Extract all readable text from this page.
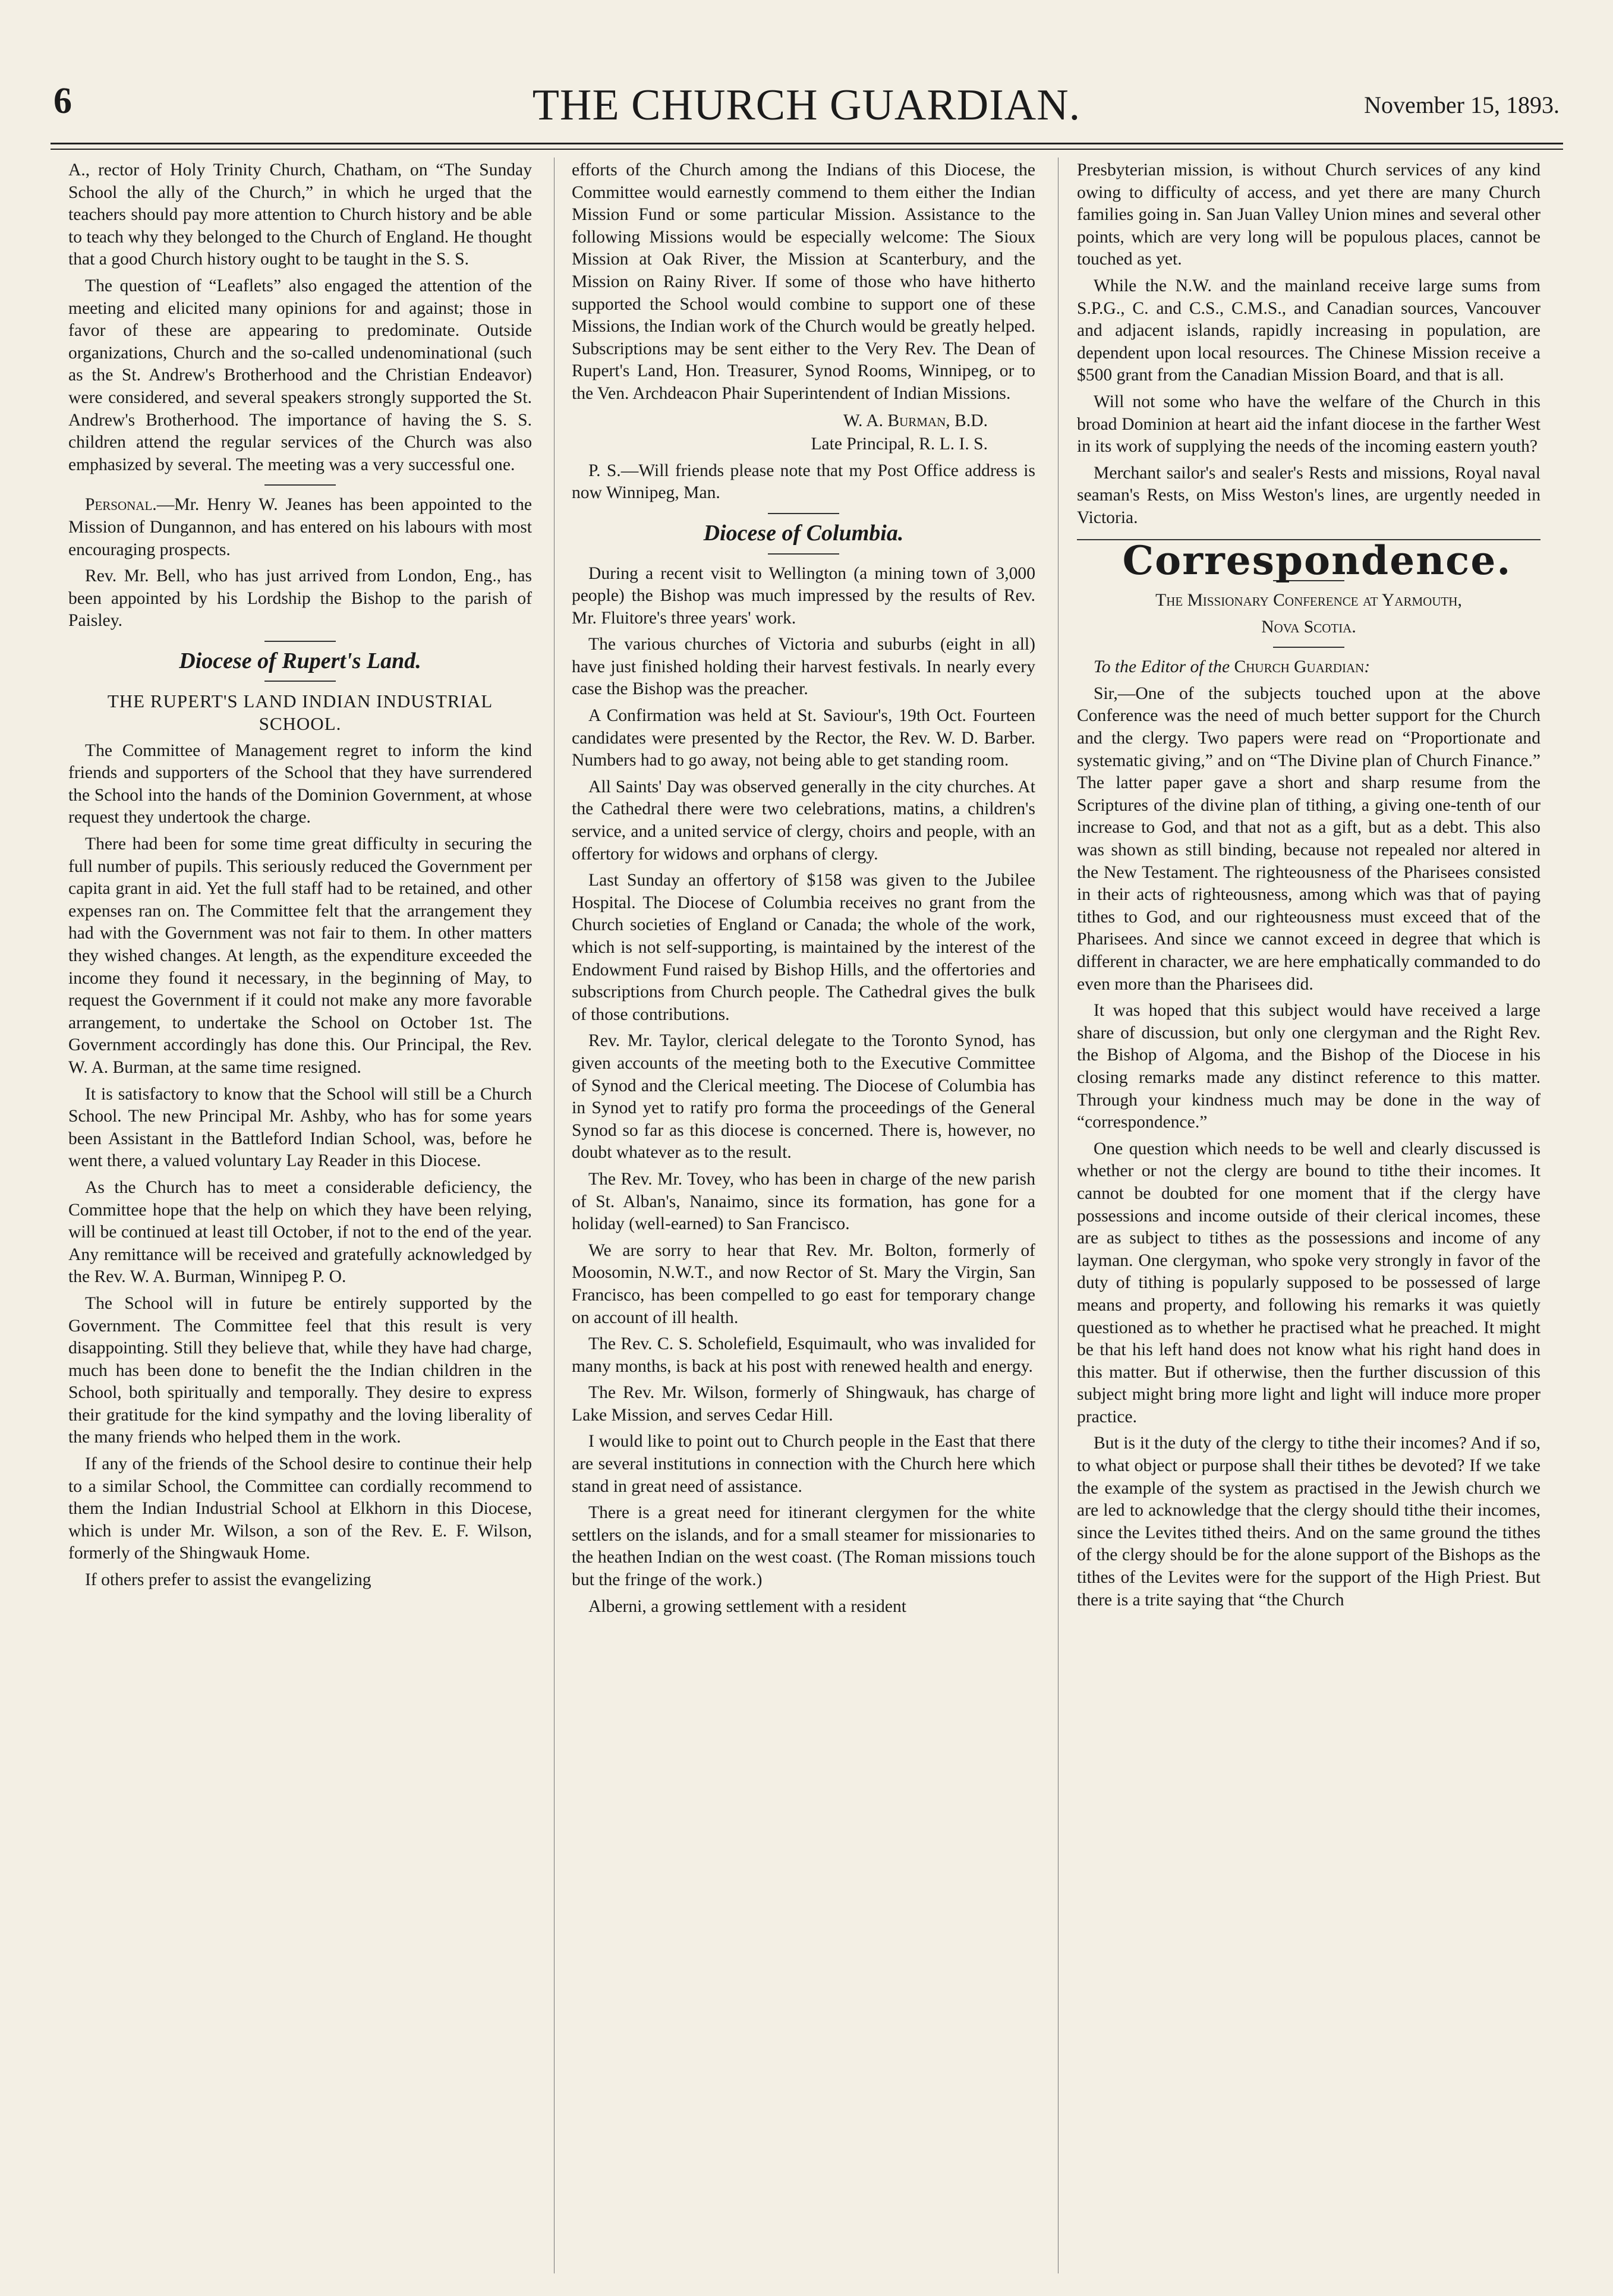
6	THE CHURCH GUARDIAN.	November 15, 1893.

A., rector of Holy Trinity Church, Chatham, on “The Sunday School the ally of the Church,” in which he urged that the teachers should pay more attention to Church history and be able to teach why they belonged to the Church of England. He thought that a good Church history ought to be taught in the S. S.

The question of “Leaflets” also engaged the attention of the meeting and elicited many opinions for and against; those in favor of these are appearing to predominate. Outside organizations, Church and the so-called undenominational (such as the St. Andrew's Brotherhood and the Christian Endeavor) were considered, and several speakers strongly supported the St. Andrew's Brotherhood. The importance of having the S. S. children attend the regular services of the Church was also emphasized by several. The meeting was a very successful one.

Personal.—Mr. Henry W. Jeanes has been appointed to the Mission of Dungannon, and has entered on his labours with most encouraging prospects.

Rev. Mr. Bell, who has just arrived from London, Eng., has been appointed by his Lordship the Bishop to the parish of Paisley.

Diocese of Rupert's Land.

THE RUPERT'S LAND INDIAN INDUSTRIAL SCHOOL.

The Committee of Management regret to inform the kind friends and supporters of the School that they have surrendered the School into the hands of the Dominion Government, at whose request they undertook the charge.

There had been for some time great difficulty in securing the full number of pupils. This seriously reduced the Government per capita grant in aid. Yet the full staff had to be retained, and other expenses ran on. The Committee felt that the arrangement they had with the Government was not fair to them. In other matters they wished changes. At length, as the expenditure exceeded the income they found it necessary, in the beginning of May, to request the Government if it could not make any more favorable arrangement, to undertake the School on October 1st. The Government accordingly has done this. Our Principal, the Rev. W. A. Burman, at the same time resigned.

It is satisfactory to know that the School will still be a Church School. The new Principal Mr. Ashby, who has for some years been Assistant in the Battleford Indian School, was, before he went there, a valued voluntary Lay Reader in this Diocese.

As the Church has to meet a considerable deficiency, the Committee hope that the help on which they have been relying, will be continued at least till October, if not to the end of the year. Any remittance will be received and gratefully acknowledged by the Rev. W. A. Burman, Winnipeg P. O.

The School will in future be entirely supported by the Government. The Committee feel that this result is very disappointing. Still they believe that, while they have had charge, much has been done to benefit the the Indian children in the School, both spiritually and temporally. They desire to express their gratitude for the kind sympathy and the loving liberality of the many friends who helped them in the work.

If any of the friends of the School desire to continue their help to a similar School, the Committee can cordially recommend to them the Indian Industrial School at Elkhorn in this Diocese, which is under Mr. Wilson, a son of the Rev. E. F. Wilson, formerly of the Shingwauk Home.

If others prefer to assist the evangelizing

efforts of the Church among the Indians of this Diocese, the Committee would earnestly commend to them either the Indian Mission Fund or some particular Mission. Assistance to the following Missions would be especially welcome: The Sioux Mission at Oak River, the Mission at Scanterbury, and the Mission on Rainy River. If some of those who have hitherto supported the School would combine to support one of these Missions, the Indian work of the Church would be greatly helped. Subscriptions may be sent either to the Very Rev. The Dean of Rupert's Land, Hon. Treasurer, Synod Rooms, Winnipeg, or to the Ven. Archdeacon Phair Superintendent of Indian Missions.

W. A. Burman, B.D.

Late Principal, R. L. I. S.

P. S.—Will friends please note that my Post Office address is now Winnipeg, Man.

Diocese of Columbia.

During a recent visit to Wellington (a mining town of 3,000 people) the Bishop was much impressed by the results of Rev. Mr. Fluitore's three years' work.

The various churches of Victoria and suburbs (eight in all) have just finished holding their harvest festivals. In nearly every case the Bishop was the preacher.

A Confirmation was held at St. Saviour's, 19th Oct. Fourteen candidates were presented by the Rector, the Rev. W. D. Barber. Numbers had to go away, not being able to get standing room.

All Saints' Day was observed generally in the city churches. At the Cathedral there were two celebrations, matins, a children's service, and a united service of clergy, choirs and people, with an offertory for widows and orphans of clergy.

Last Sunday an offertory of $158 was given to the Jubilee Hospital. The Diocese of Columbia receives no grant from the Church societies of England or Canada; the whole of the work, which is not self-supporting, is maintained by the interest of the Endowment Fund raised by Bishop Hills, and the offertories and subscriptions from Church people. The Cathedral gives the bulk of those contributions.

Rev. Mr. Taylor, clerical delegate to the Toronto Synod, has given accounts of the meeting both to the Executive Committee of Synod and the Clerical meeting. The Diocese of Columbia has in Synod yet to ratify pro forma the proceedings of the General Synod so far as this diocese is concerned. There is, however, no doubt whatever as to the result.

The Rev. Mr. Tovey, who has been in charge of the new parish of St. Alban's, Nanaimo, since its formation, has gone for a holiday (well-earned) to San Francisco.

We are sorry to hear that Rev. Mr. Bolton, formerly of Moosomin, N.W.T., and now Rector of St. Mary the Virgin, San Francisco, has been compelled to go east for temporary change on account of ill health.

The Rev. C. S. Scholefield, Esquimault, who was invalided for many months, is back at his post with renewed health and energy.

The Rev. Mr. Wilson, formerly of Shingwauk, has charge of Lake Mission, and serves Cedar Hill.

I would like to point out to Church people in the East that there are several institutions in connection with the Church here which stand in great need of assistance.

There is a great need for itinerant clergymen for the white settlers on the islands, and for a small steamer for missionaries to the heathen Indian on the west coast. (The Roman missions touch but the fringe of the work.)

Alberni, a growing settlement with a resident

Presbyterian mission, is without Church services of any kind owing to difficulty of access, and yet there are many Church families going in. San Juan Valley Union mines and several other points, which are very long will be populous places, cannot be touched as yet.

While the N.W. and the mainland receive large sums from S.P.G., C. and C.S., C.M.S., and Canadian sources, Vancouver and adjacent islands, rapidly increasing in population, are dependent upon local resources. The Chinese Mission receive a $500 grant from the Canadian Mission Board, and that is all.

Will not some who have the welfare of the Church in this broad Dominion at heart aid the infant diocese in the farther West in its work of supplying the needs of the incoming eastern youth?

Merchant sailor's and sealer's Rests and missions, Royal naval seaman's Rests, on Miss Weston's lines, are urgently needed in Victoria.

Correspondence.

The Missionary Conference at Yarmouth,

Nova Scotia.

To the Editor of the Church Guardian:

Sir,—One of the subjects touched upon at the above Conference was the need of much better support for the Church and the clergy. Two papers were read on “Proportionate and systematic giving,” and on “The Divine plan of Church Finance.” The latter paper gave a short and sharp resume from the Scriptures of the divine plan of tithing, a giving one-tenth of our increase to God, and that not as a gift, but as a debt. This also was shown as still binding, because not repealed nor altered in the New Testament. The righteousness of the Pharisees consisted in their acts of righteousness, among which was that of paying tithes to God, and our righteousness must exceed that of the Pharisees. And since we cannot exceed in degree that which is different in character, we are here emphatically commanded to do even more than the Pharisees did.

It was hoped that this subject would have received a large share of discussion, but only one clergyman and the Right Rev. the Bishop of Algoma, and the Bishop of the Diocese in his closing remarks made any distinct reference to this matter. Through your kindness much may be done in the way of “correspondence.”

One question which needs to be well and clearly discussed is whether or not the clergy are bound to tithe their incomes. It cannot be doubted for one moment that if the clergy have possessions and income outside of their clerical incomes, these are as subject to tithes as the possessions and income of any layman. One clergyman, who spoke very strongly in favor of the duty of tithing is popularly supposed to be possessed of large means and property, and following his remarks it was quietly questioned as to whether he practised what he preached. It might be that his left hand does not know what his right hand does in this matter. But if otherwise, then the further discussion of this subject might bring more light and light will induce more proper practice.

But is it the duty of the clergy to tithe their incomes? And if so, to what object or purpose shall their tithes be devoted? If we take the example of the system as practised in the Jewish church we are led to acknowledge that the clergy should tithe their incomes, since the Levites tithed theirs. And on the same ground the tithes of the clergy should be for the alone support of the Bishops as the tithes of the Levites were for the support of the High Priest. But there is a trite saying that “the Church
